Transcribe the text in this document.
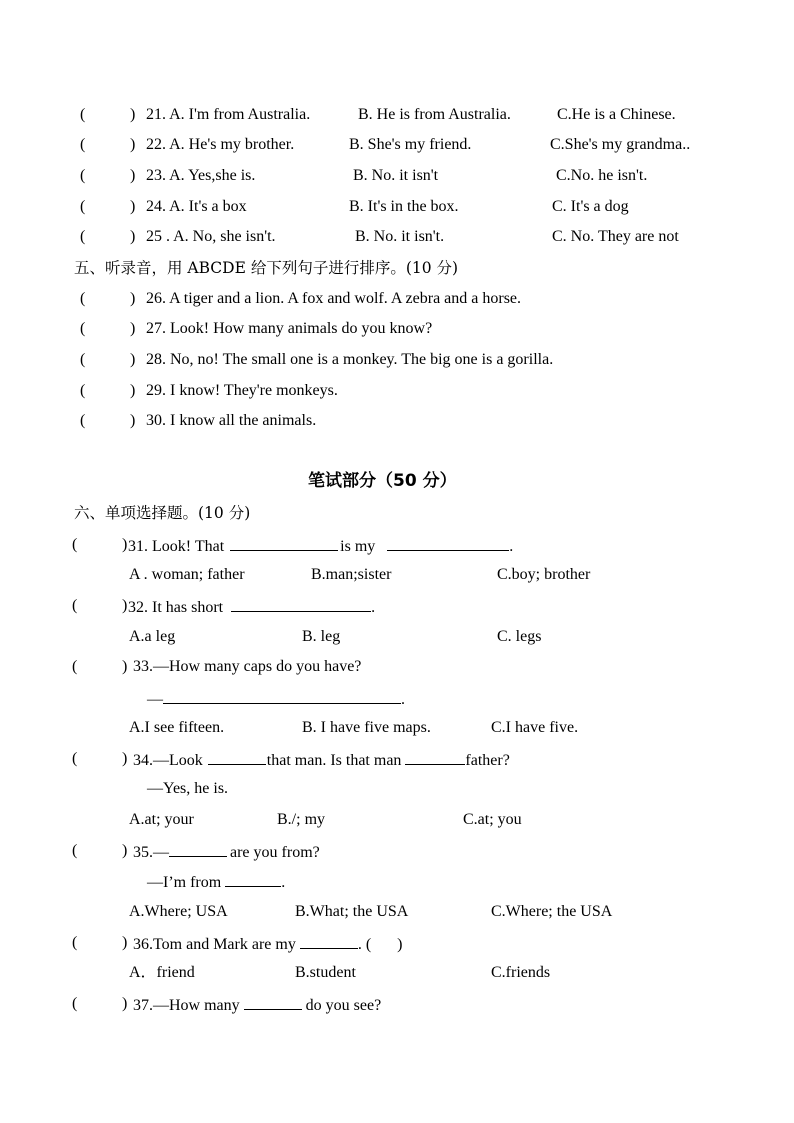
(	) 21. A. I'm from Australia.	B. He is from Australia.	C.He is a Chinese.
(	) 22. A. He's my brother.	B. She's my friend.	C.She's my grandma..
(	) 23. A. Yes,she is.	B. No. it isn't	C.No. he isn't.
(	) 24. A. It's a box	B. It's in the box.	C. It's a dog
(	) 25 . A. No, she isn't.	B. No. it isn't.	C. No. They are not
五、听录音，用 ABCDE 给下列句子进行排序。(10 分)
(	) 26. A tiger and a lion. A fox and wolf. A zebra and a horse.
(	) 27. Look! How many animals do you know?
(	) 28. No, no! The small one is a monkey. The big one is a gorilla.
(	) 29. I know! They're monkeys.
(	) 30. I know all the animals.
笔试部分（50 分）
六、单项选择题。(10 分)
(	) 31. Look! That	is my	.
A . woman; father	B.man;sister	C.boy; brother
(	) 32. It has short	.
A.a leg	B. leg	C. legs
(	) 33.—How many caps do you have?
—	.
A.I see fifteen.	B. I have five maps.	C.I have five.
(	) 34.—Look	that man. Is that man	father?
—Yes, he is.
A.at; your	B./; my	C.at; you
(	) 35.—	are you from?
—I’m from	.
A.Where; USA	B.What; the USA	C.Where; the USA
(	) 36.Tom and Mark are my	. ( )
A．friend	B.student	C.friends
(	) 37.—How many	do you see?
